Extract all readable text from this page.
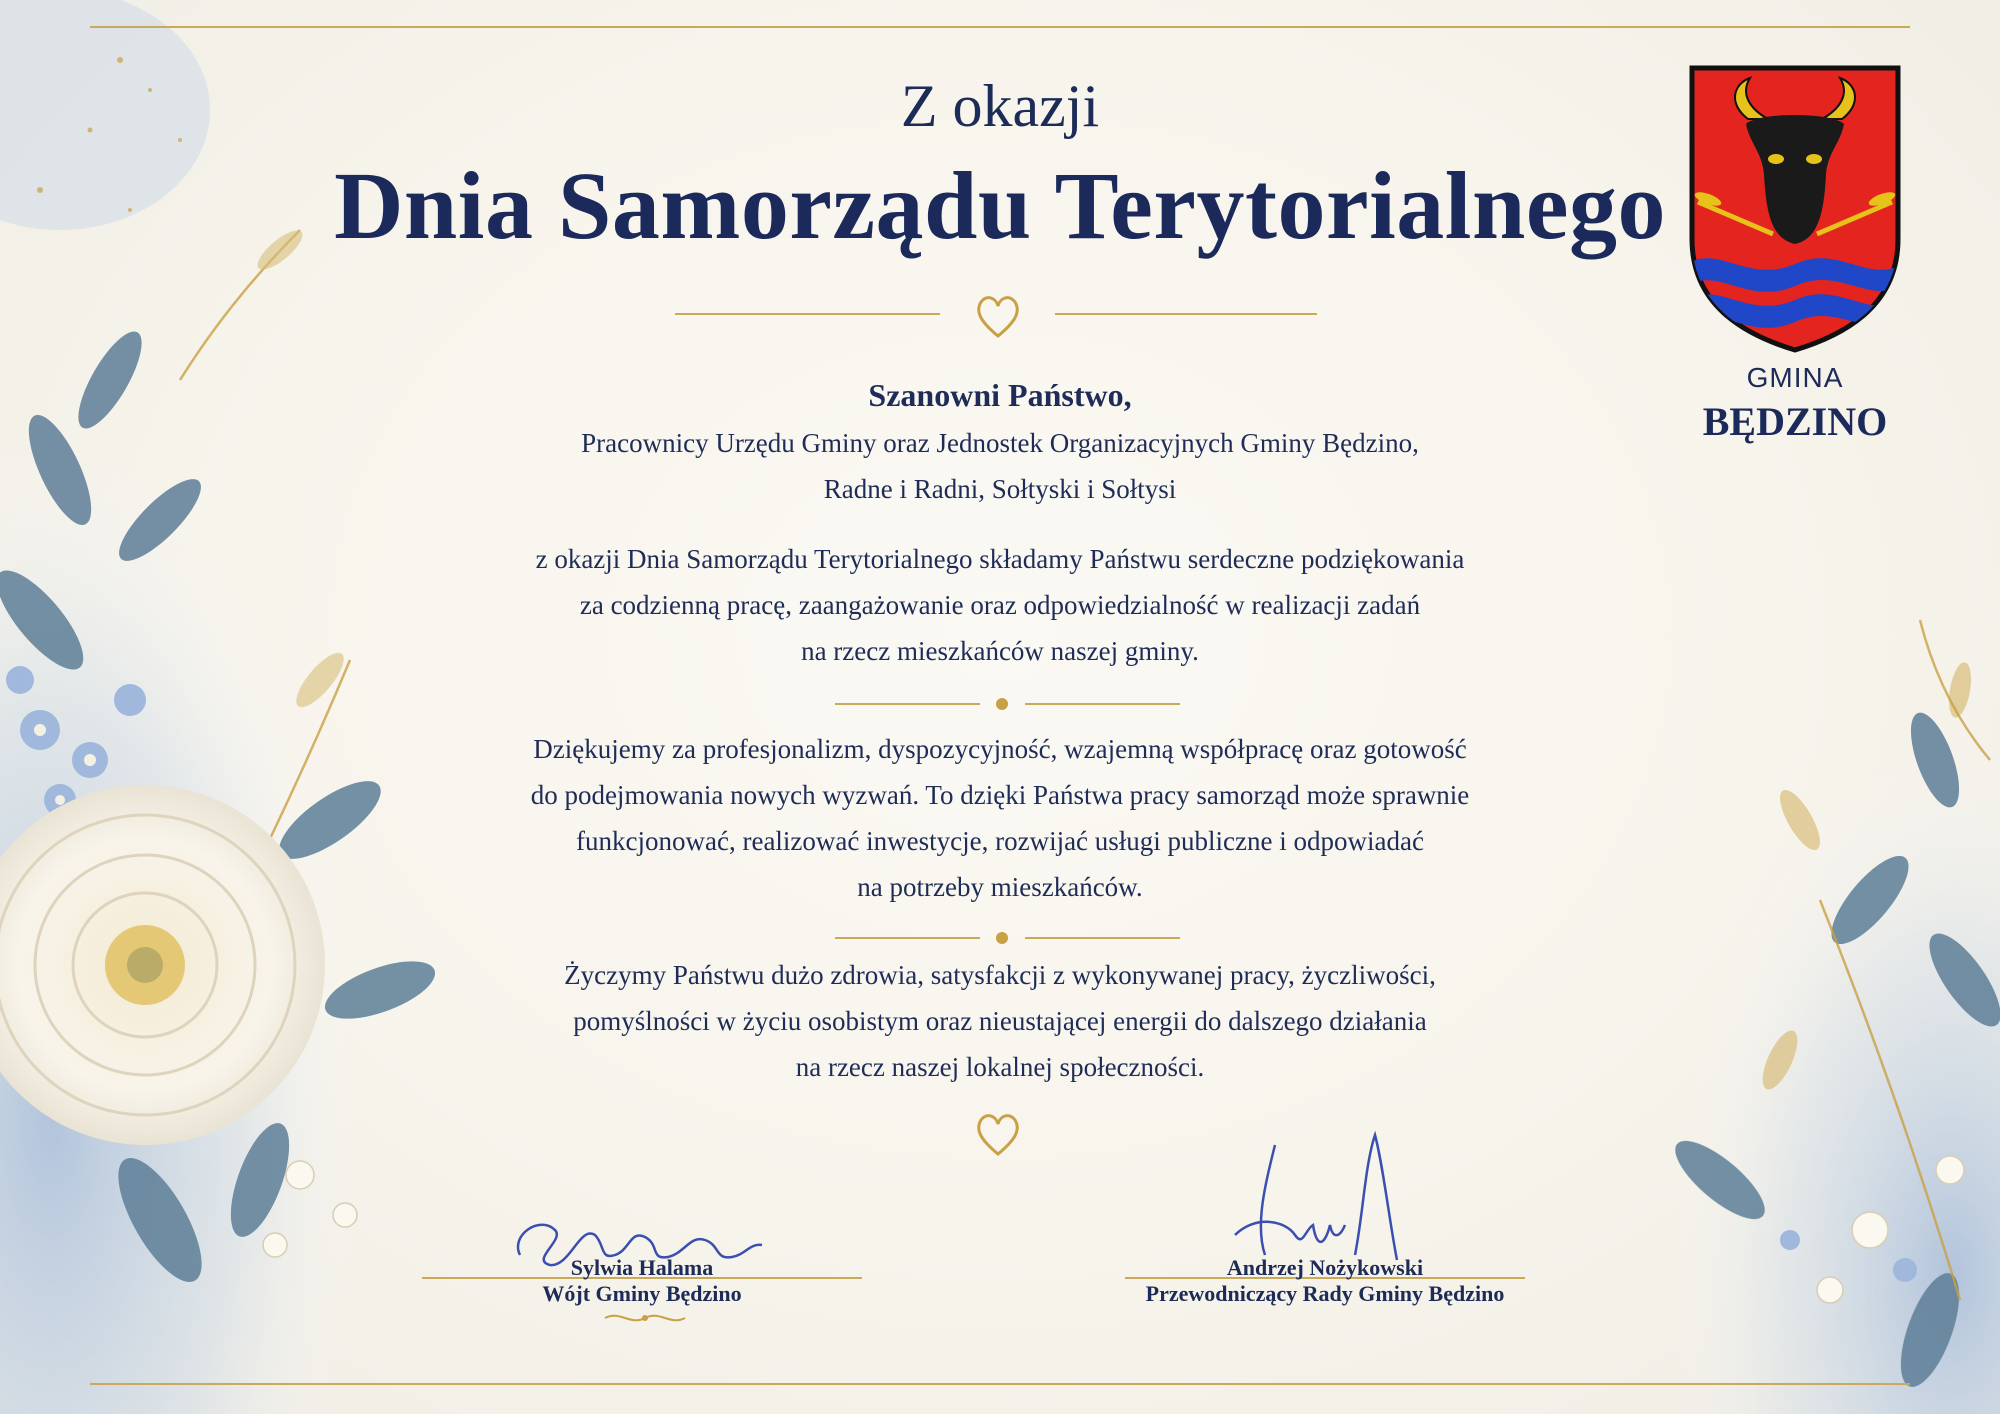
Z okazji
Dnia Samorządu Terytorialnego
GMINA
BĘDZINO
Szanowni Państwo,
Pracownicy Urzędu Gminy oraz Jednostek Organizacyjnych Gminy Będzino,
Radne i Radni, Sołtyski i Sołtysi
z okazji Dnia Samorządu Terytorialnego składamy Państwu serdeczne podziękowania
za codzienną pracę, zaangażowanie oraz odpowiedzialność w realizacji zadań
na rzecz mieszkańców naszej gminy.
Dziękujemy za profesjonalizm, dyspozycyjność, wzajemną współpracę oraz gotowość
do podejmowania nowych wyzwań. To dzięki Państwa pracy samorząd może sprawnie
funkcjonować, realizować inwestycje, rozwijać usługi publiczne i odpowiadać
na potrzeby mieszkańców.
Życzymy Państwu dużo zdrowia, satysfakcji z wykonywanej pracy, życzliwości,
pomyślności w życiu osobistym oraz nieustającej energii do dalszego działania
na rzecz naszej lokalnej społeczności.
Sylwia Halama
Wójt Gminy Będzino
Andrzej Nożykowski
Przewodniczący Rady Gminy Będzino
